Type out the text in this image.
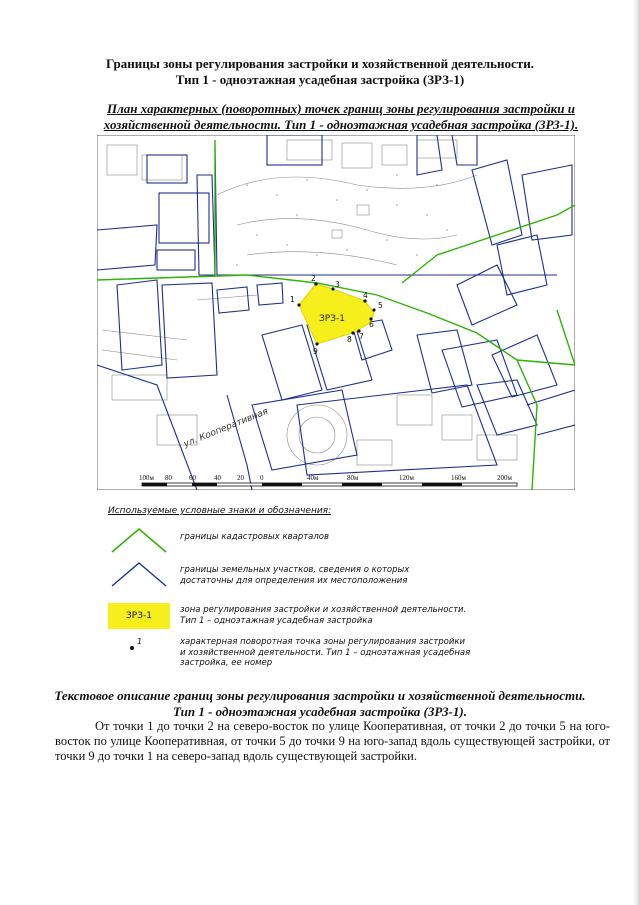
Границы зоны регулирования застройки и хозяйственной деятельности.
Тип 1 - одноэтажная усадебная застройка (ЗРЗ-1)
План характерных (поворотных) точек границ зоны регулирования застройки и
хозяйственной деятельности. Тип 1 - одноэтажная усадебная застройка (ЗРЗ-1).
ЗРЗ-1
ул. Кооперативная
1
2
3
4
5
6
7
8
9
100м 80 60	40 20 0	40м	80м	120м	160м	200м
Используемые условные знаки и обозначения:
границы кадастровых кварталов
границы земельных участков, сведения о которых
достаточны для определения их местоположения
ЗРЗ-1
зона регулирования застройки и хозяйственной деятельности.
Тип 1 – одноэтажная усадебная застройка
1	характерная поворотная точка зоны регулирования застройки
и хозяйственной деятельности. Тип 1 – одноэтажная усадебная
застройка, ее номер
Текстовое описание границ зоны регулирования застройки и хозяйственной деятельности.
Тип 1 - одноэтажная усадебная застройка (ЗРЗ-1).
От точки 1 до точки 2 на северо-восток по улице Кооперативная, от точки 2 до точки 5 на юго-восток по улице Кооперативная, от точки 5 до точки 9 на юго-запад вдоль существующей застройки, от точки 9 до точки 1 на северо-запад вдоль существующей застройки.
